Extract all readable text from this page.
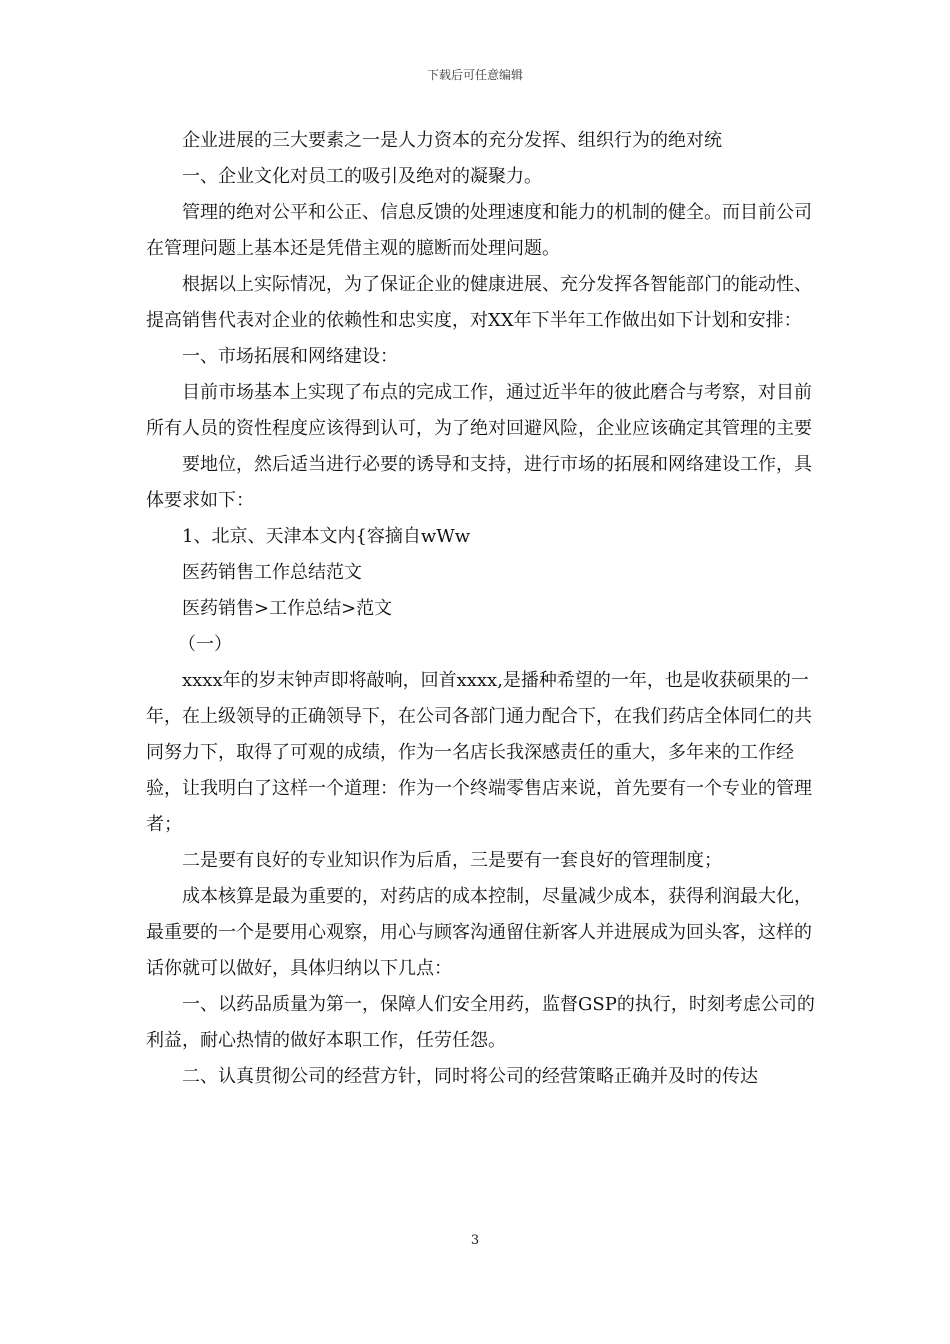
下载后可任意编辑

企业进展的三大要素之一是人力资本的充分发挥、组织行为的绝对统

一、企业文化对员工的吸引及绝对的凝聚力。

管理的绝对公平和公正、信息反馈的处理速度和能力的机制的健全。而目前公司在管理问题上基本还是凭借主观的臆断而处理问题。

根据以上实际情况，为了保证企业的健康进展、充分发挥各智能部门的能动性、提高销售代表对企业的依赖性和忠实度，对XX年下半年工作做出如下计划和安排：

一、市场拓展和网络建设：

目前市场基本上实现了布点的完成工作，通过近半年的彼此磨合与考察，对目前所有人员的资性程度应该得到认可，为了绝对回避风险，企业应该确定其管理的主要

要地位，然后适当进行必要的诱导和支持，进行市场的拓展和网络建设工作，具体要求如下：

1、北京、天津本文内{容摘自wWw

医药销售工作总结范文

医药销售>工作总结>范文

（一）

xxxx年的岁末钟声即将敲响，回首xxxx,是播种希望的一年，也是收获硕果的一年，在上级领导的正确领导下，在公司各部门通力配合下，在我们药店全体同仁的共同努力下，取得了可观的成绩，作为一名店长我深感责任的重大，多年来的工作经验，让我明白了这样一个道理：作为一个终端零售店来说，首先要有一个专业的管理者；

二是要有良好的专业知识作为后盾，三是要有一套良好的管理制度；

成本核算是最为重要的，对药店的成本控制，尽量减少成本，获得利润最大化，最重要的一个是要用心观察，用心与顾客沟通留住新客人并进展成为回头客，这样的话你就可以做好，具体归纳以下几点：

一、以药品质量为第一，保障人们安全用药，监督GSP的执行，时刻考虑公司的利益，耐心热情的做好本职工作，任劳任怨。

二、认真贯彻公司的经营方针，同时将公司的经营策略正确并及时的传达

3
